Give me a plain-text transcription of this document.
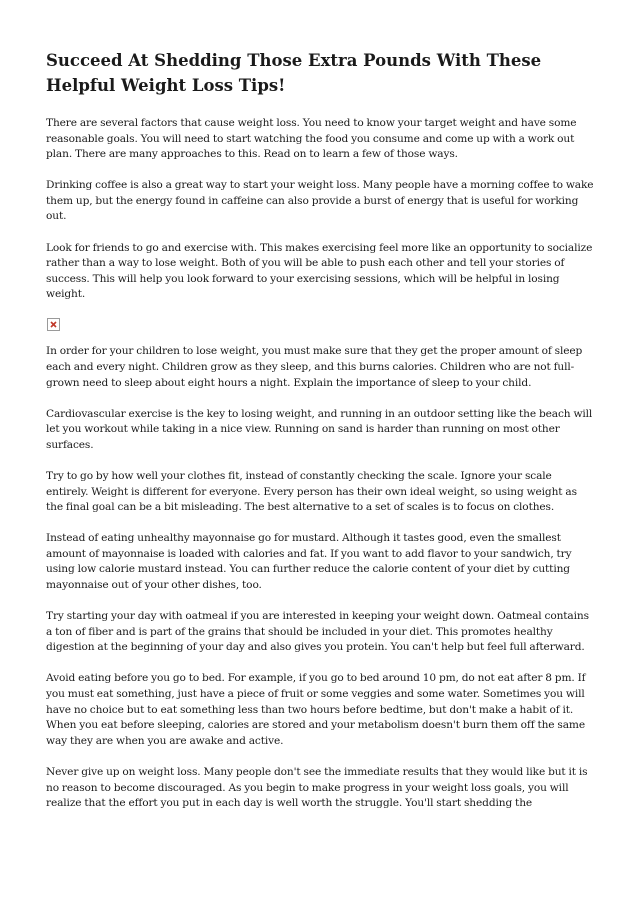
Succeed At Shedding Those Extra Pounds With These
Helpful Weight Loss Tips!

There are several factors that cause weight loss. You need to know your target weight and have some reasonable goals. You will need to start watching the food you consume and come up with a work out plan. There are many approaches to this. Read on to learn a few of those ways.

Drinking coffee is also a great way to start your weight loss. Many people have a morning coffee to wake them up, but the energy found in caffeine can also provide a burst of energy that is useful for working out.

Look for friends to go and exercise with. This makes exercising feel more like an opportunity to socialize rather than a way to lose weight. Both of you will be able to push each other and tell your stories of success. This will help you look forward to your exercising sessions, which will be helpful in losing weight.

In order for your children to lose weight, you must make sure that they get the proper amount of sleep each and every night. Children grow as they sleep, and this burns calories. Children who are not full-grown need to sleep about eight hours a night. Explain the importance of sleep to your child.

Cardiovascular exercise is the key to losing weight, and running in an outdoor setting like the beach will let you workout while taking in a nice view. Running on sand is harder than running on most other surfaces.

Try to go by how well your clothes fit, instead of constantly checking the scale. Ignore your scale entirely. Weight is different for everyone. Every person has their own ideal weight, so using weight as the final goal can be a bit misleading. The best alternative to a set of scales is to focus on clothes.

Instead of eating unhealthy mayonnaise go for mustard. Although it tastes good, even the smallest amount of mayonnaise is loaded with calories and fat. If you want to add flavor to your sandwich, try using low calorie mustard instead. You can further reduce the calorie content of your diet by cutting mayonnaise out of your other dishes, too.

Try starting your day with oatmeal if you are interested in keeping your weight down. Oatmeal contains a ton of fiber and is part of the grains that should be included in your diet. This promotes healthy digestion at the beginning of your day and also gives you protein. You can't help but feel full afterward.

Avoid eating before you go to bed. For example, if you go to bed around 10 pm, do not eat after 8 pm. If you must eat something, just have a piece of fruit or some veggies and some water. Sometimes you will have no choice but to eat something less than two hours before bedtime, but don't make a habit of it. When you eat before sleeping, calories are stored and your metabolism doesn't burn them off the same way they are when you are awake and active.

Never give up on weight loss. Many people don't see the immediate results that they would like but it is no reason to become discouraged. As you begin to make progress in your weight loss goals, you will realize that the effort you put in each day is well worth the struggle. You'll start shedding the
